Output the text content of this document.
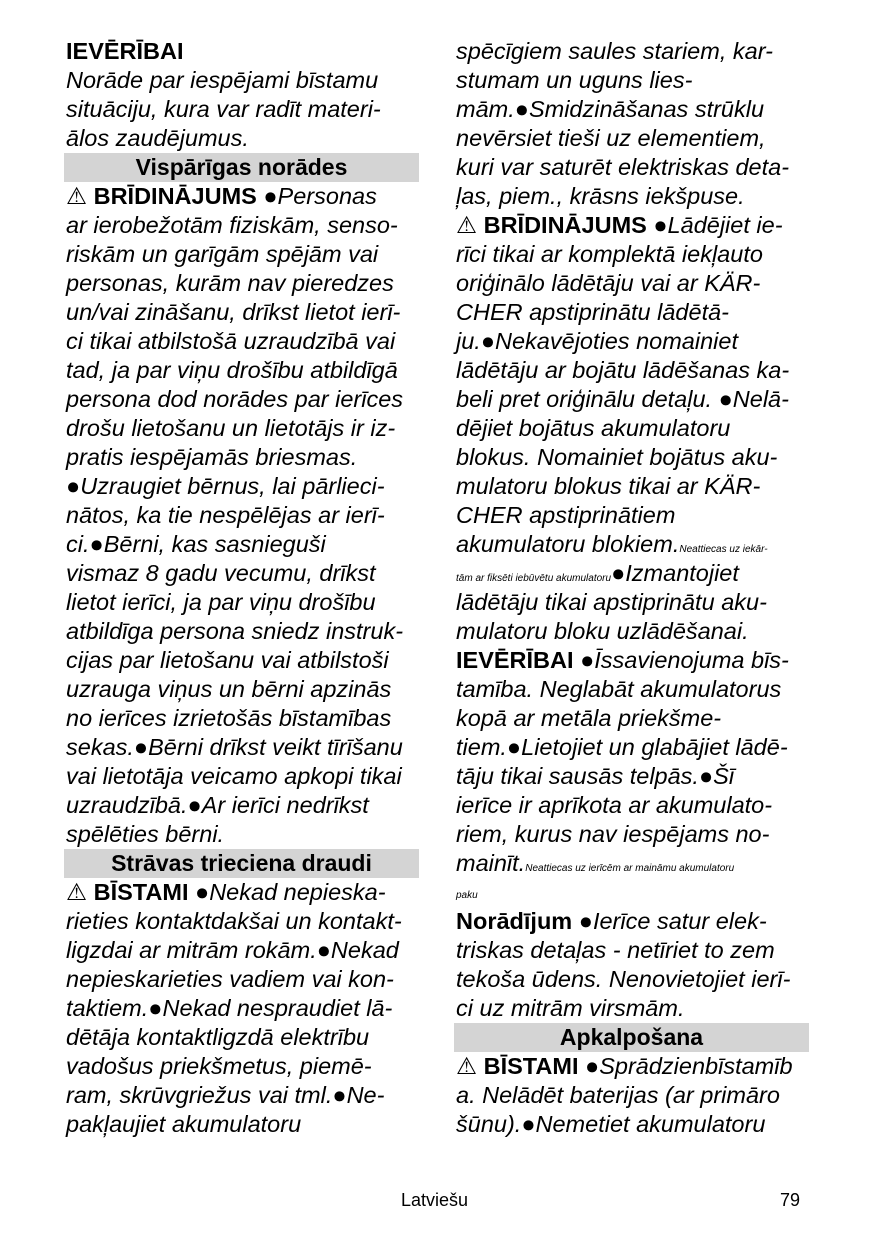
IEVĒRĪBAI
Norāde par iespējami bīstamu
situāciju, kura var radīt materi-
ālos zaudējumus.
Vispārīgas norādes
⚠ BRĪDINĀJUMS ●Personas
ar ierobežotām fiziskām, senso-
riskām un garīgām spējām vai
personas, kurām nav pieredzes
un/vai zināšanu, drīkst lietot ierī-
ci tikai atbilstošā uzraudzībā vai
tad, ja par viņu drošību atbildīgā
persona dod norādes par ierīces
drošu lietošanu un lietotājs ir iz-
pratis iespējamās briesmas.
●Uzraugiet bērnus, lai pārlieci-
nātos, ka tie nespēlējas ar ierī-
ci.●Bērni, kas sasnieguši
vismaz 8 gadu vecumu, drīkst
lietot ierīci, ja par viņu drošību
atbildīga persona sniedz instruk-
cijas par lietošanu vai atbilstoši
uzrauga viņus un bērni apzinās
no ierīces izrietošās bīstamības
sekas.●Bērni drīkst veikt tīrīšanu
vai lietotāja veicamo apkopi tikai
uzraudzībā.●Ar ierīci nedrīkst
spēlēties bērni.
Strāvas trieciena draudi
⚠ BĪSTAMI ●Nekad nepieska-
rieties kontaktdakšai un kontakt-
ligzdai ar mitrām rokām.●Nekad
nepieskarieties vadiem vai kon-
taktiem.●Nekad nespraudiet lā-
dētāja kontaktligzdā elektrību
vadošus priekšmetus, piemē-
ram, skrūvgriežus vai tml.●Ne-
pakļaujiet akumulatoru
spēcīgiem saules stariem, kar-
stumam un uguns lies-
mām.●Smidzināšanas strūklu
nevērsiet tieši uz elementiem,
kuri var saturēt elektriskas deta-
ļas, piem., krāsns iekšpuse.
⚠ BRĪDINĀJUMS ●Lādējiet ie-
rīci tikai ar komplektā iekļauto
oriģinālo lādētāju vai ar KÄR-
CHER apstiprinātu lādētā-
ju.●Nekavējoties nomainiet
lādētāju ar bojātu lādēšanas ka-
beli pret oriģinālu detaļu. ●Nelā-
dējiet bojātus akumulatoru
blokus. Nomainiet bojātus aku-
mulatoru blokus tikai ar KÄR-
CHER apstiprinātiem
akumulatoru blokiem.Neattiecas uz iekār-
tām ar fiksēti iebūvētu akumulatoru●Izmantojiet
lādētāju tikai apstiprinātu aku-
mulatoru bloku uzlādēšanai.
IEVĒRĪBAI ●Īssavienojuma bīs-
tamība. Neglabāt akumulatorus
kopā ar metāla priekšme-
tiem.●Lietojiet un glabājiet lādē-
tāju tikai sausās telpās.●Šī
ierīce ir aprīkota ar akumulato-
riem, kurus nav iespējams no-
mainīt.Neattiecas uz ierīcēm ar maināmu akumulatoru
paku
Norādījum ●Ierīce satur elek-
triskas detaļas - netīriet to zem
tekoša ūdens. Nenovietojiet ierī-
ci uz mitrām virsmām.
Apkalpošana
⚠ BĪSTAMI ●Sprādzienbīstamīb
a. Nelādēt baterijas (ar primāro
šūnu).●Nemetiet akumulatoru
Latviešu	79
